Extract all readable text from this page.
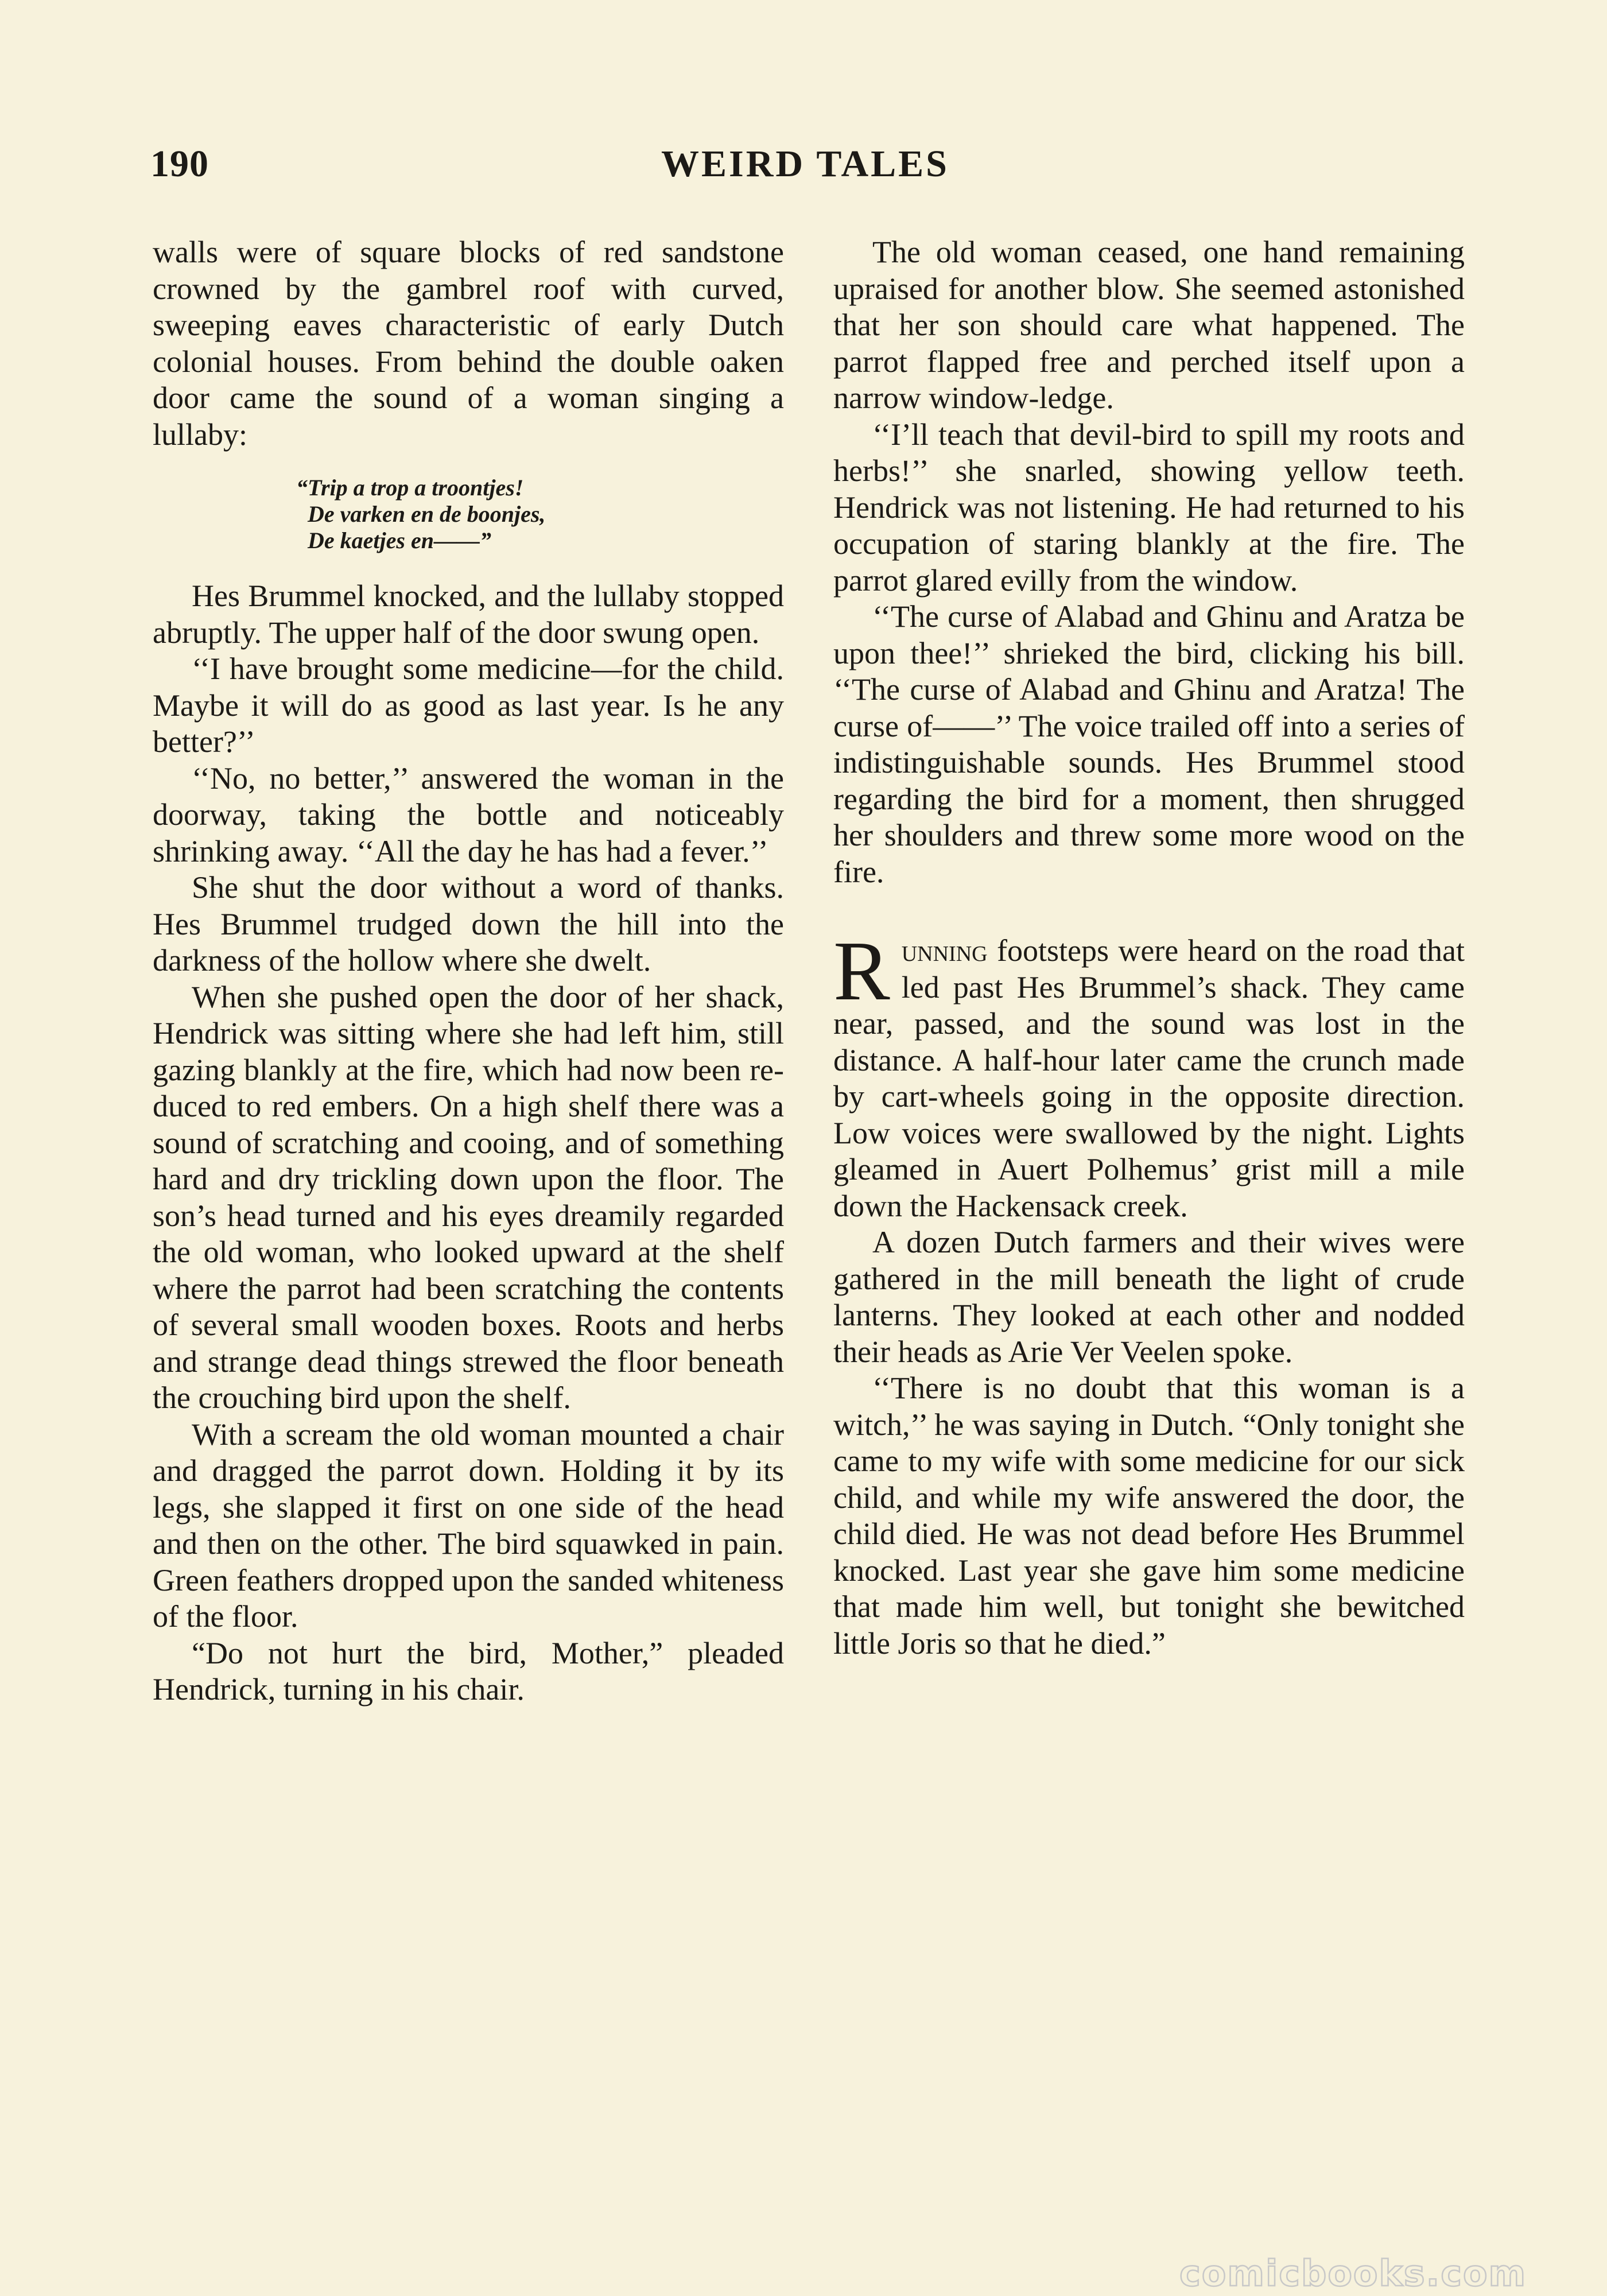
190	WEIRD TALES

walls were of square blocks of red sandstone crowned by the gambrel roof with curved, sweeping eaves characteristic of early Dutch colonial houses. From behind the double oaken door came the sound of a woman singing a lullaby:

“Trip a trop a troontjes!
De varken en de boonjes,
De kaetjes en——”

Hes Brummel knocked, and the lullaby stopped abruptly. The upper half of the door swung open.

‘‘I have brought some medicine—for the child. Maybe it will do as good as last year. Is he any better?’’

‘‘No, no better,’’ answered the woman in the doorway, taking the bottle and noticeably shrinking away. ‘‘All the day he has had a fever.’’

She shut the door without a word of thanks. Hes Brummel trudged down the hill into the darkness of the hollow where she dwelt.

When she pushed open the door of her shack, Hendrick was sitting where she had left him, still gazing blankly at the fire, which had now been reduced to red embers. On a high shelf there was a sound of scratching and cooing, and of something hard and dry trickling down upon the floor. The son’s head turned and his eyes dreamily regarded the old woman, who looked upward at the shelf where the parrot had been scratching the contents of several small wooden boxes. Roots and herbs and strange dead things strewed the floor beneath the crouching bird upon the shelf.

With a scream the old woman mounted a chair and dragged the parrot down. Holding it by its legs, she slapped it first on one side of the head and then on the other. The bird squawked in pain. Green feathers dropped upon the sanded whiteness of the floor.

“Do not hurt the bird, Mother,” pleaded Hendrick, turning in his chair.

The old woman ceased, one hand remaining upraised for another blow. She seemed astonished that her son should care what happened. The parrot flapped free and perched itself upon a narrow window-ledge.

‘‘I’ll teach that devil-bird to spill my roots and herbs!’’ she snarled, showing yellow teeth. Hendrick was not listening. He had returned to his occupation of staring blankly at the fire. The parrot glared evilly from the window.

‘‘The curse of Alabad and Ghinu and Aratza be upon thee!’’ shrieked the bird, clicking his bill. ‘‘The curse of Alabad and Ghinu and Aratza! The curse of——’’ The voice trailed off into a series of indistinguishable sounds. Hes Brummel stood regarding the bird for a moment, then shrugged her shoulders and threw some more wood on the fire.

Running footsteps were heard on the road that led past Hes Brummel’s shack. They came near, passed, and the sound was lost in the distance. A half-hour later came the crunch made by cart-wheels going in the opposite direction. Low voices were swallowed by the night. Lights gleamed in Auert Polhemus’ grist mill a mile down the Hackensack creek.

A dozen Dutch farmers and their wives were gathered in the mill beneath the light of crude lanterns. They looked at each other and nodded their heads as Arie Ver Veelen spoke.

‘‘There is no doubt that this woman is a witch,’’ he was saying in Dutch. “Only tonight she came to my wife with some medicine for our sick child, and while my wife answered the door, the child died. He was not dead before Hes Brummel knocked. Last year she gave him some medicine that made him well, but tonight she bewitched little Joris so that he died.”

comicbooks.com
